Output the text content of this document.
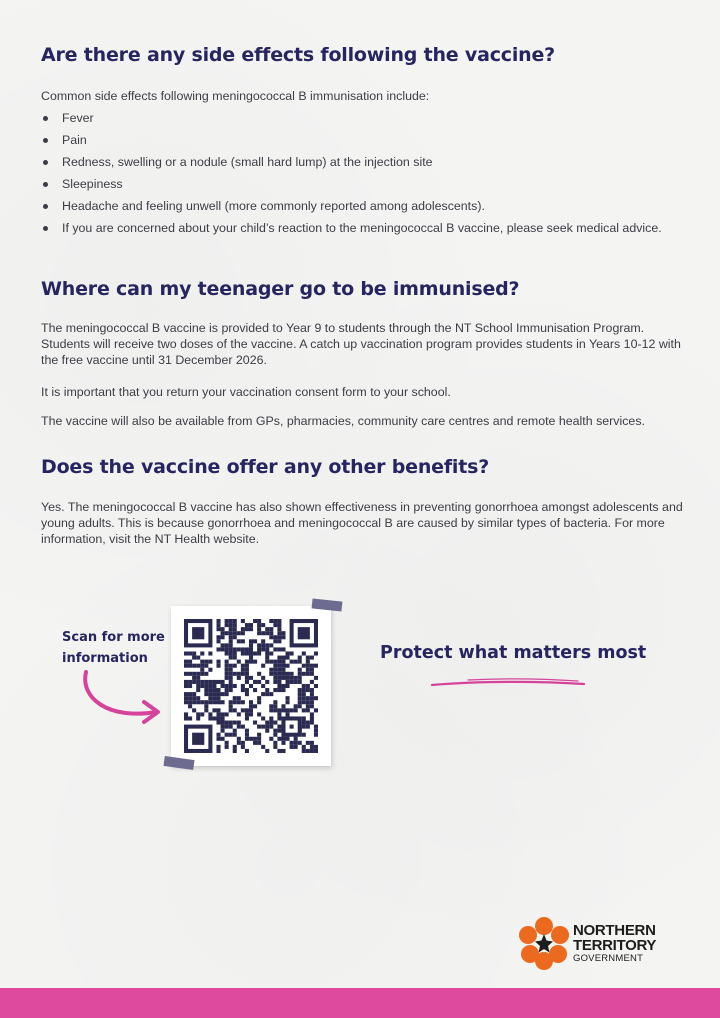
Are there any side effects following the vaccine?

Common side effects following meningococcal B immunisation include:

Fever
Pain
Redness, swelling or a nodule (small hard lump) at the injection site
Sleepiness
Headache and feeling unwell (more commonly reported among adolescents).
If you are concerned about your child’s reaction to the meningococcal B vaccine, please seek medical advice.
Where can my teenager go to be immunised?

The meningococcal B vaccine is provided to Year 9 to students through the NT School Immunisation Program. Students will receive two doses of the vaccine. A catch up vaccination program provides students in Years 10-12 with the free vaccine until 31 December 2026.

It is important that you return your vaccination consent form to your school.

The vaccine will also be available from GPs, pharmacies, community care centres and remote health services.

Does the vaccine offer any other benefits?

Yes. The meningococcal B vaccine has also shown effectiveness in preventing gonorrhoea amongst adolescents and young adults. This is because gonorrhoea and meningococcal B are caused by similar types of bacteria. For more information, visit the NT Health website.

Scan for more information	Protect what matters most
NORTHERN
TERRITORY
GOVERNMENT
